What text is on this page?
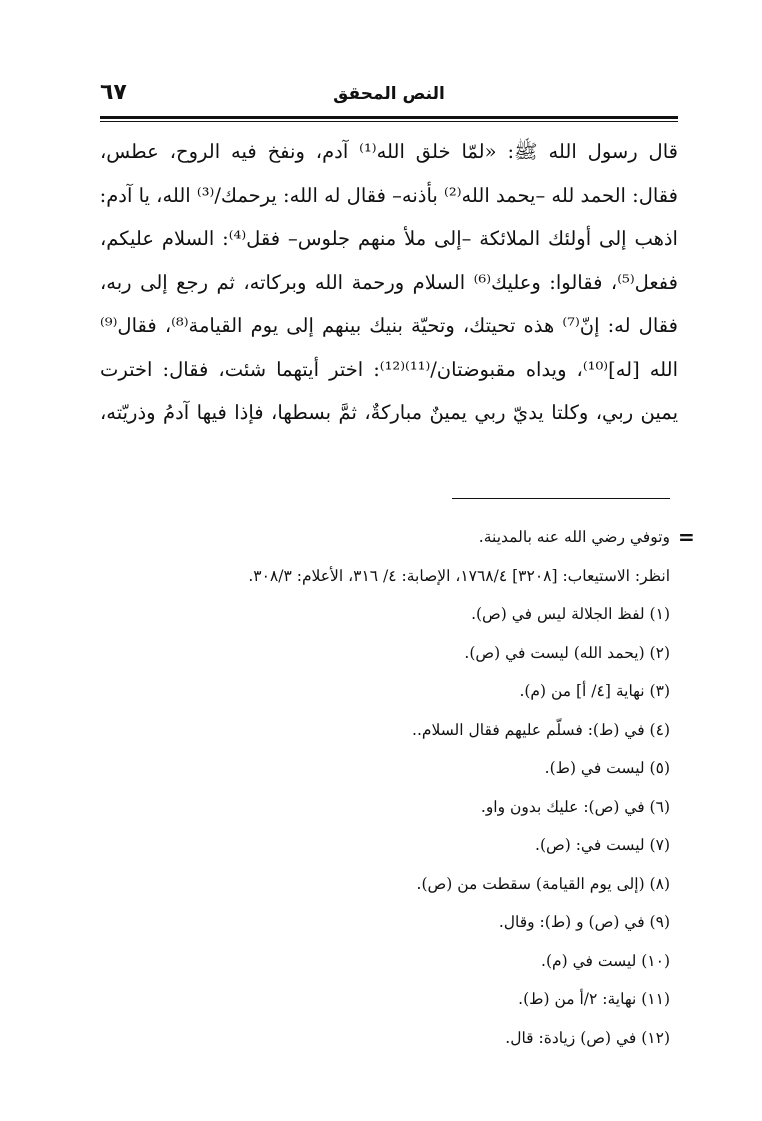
٦٧	النص المحقق
قال رسول الله ﷺ: «لمّا خلق الله⁽¹⁾ آدم، ونفخ فيه الروح، عطس،
فقال: الحمد لله –يحمد الله⁽²⁾ بأذنه– فقال له الله: يرحمك/⁽³⁾ الله، يا آدم:
اذهب إلى أولئك الملائكة –إلى ملأ منهم جلوس– فقل⁽⁴⁾: السلام عليكم،
ففعل⁽⁵⁾، فقالوا: وعليك⁽⁶⁾ السلام ورحمة الله وبركاته، ثم رجع إلى ربه،
فقال له: إنّ⁽⁷⁾ هذه تحيتك، وتحيّة بنيك بينهم إلى يوم القيامة⁽⁸⁾، فقال⁽⁹⁾
الله [له]⁽¹⁰⁾، ويداه مقبوضتان/⁽¹¹⁾⁽¹²⁾: اختر أيتهما شئت، فقال: اخترت
يمين ربي، وكلتا يديّ ربي يمينٌ مباركةٌ، ثمَّ بسطها، فإذا فيها آدمُ وذريّته،
=
وتوفي رضي الله عنه بالمدينة.
انظر: الاستيعاب: [٣٢٠٨] ١٧٦٨/٤، الإصابة: ٤/ ٣١٦، الأعلام: ٣٠٨/٣.
(١) لفظ الجلالة ليس في (ص).
(٢) (يحمد الله) ليست في (ص).
(٣) نهاية [٤/ أ] من (م).
(٤) في (ط): فسلّم عليهم فقال السلام..
(٥) ليست في (ط).
(٦) في (ص): عليك بدون واو.
(٧) ليست في: (ص).
(٨) (إلى يوم القيامة) سقطت من (ص).
(٩) في (ص) و (ط): وقال.
(١٠) ليست في (م).
(١١) نهاية: ٢/أ من (ط).
(١٢) في (ص) زيادة: قال.
